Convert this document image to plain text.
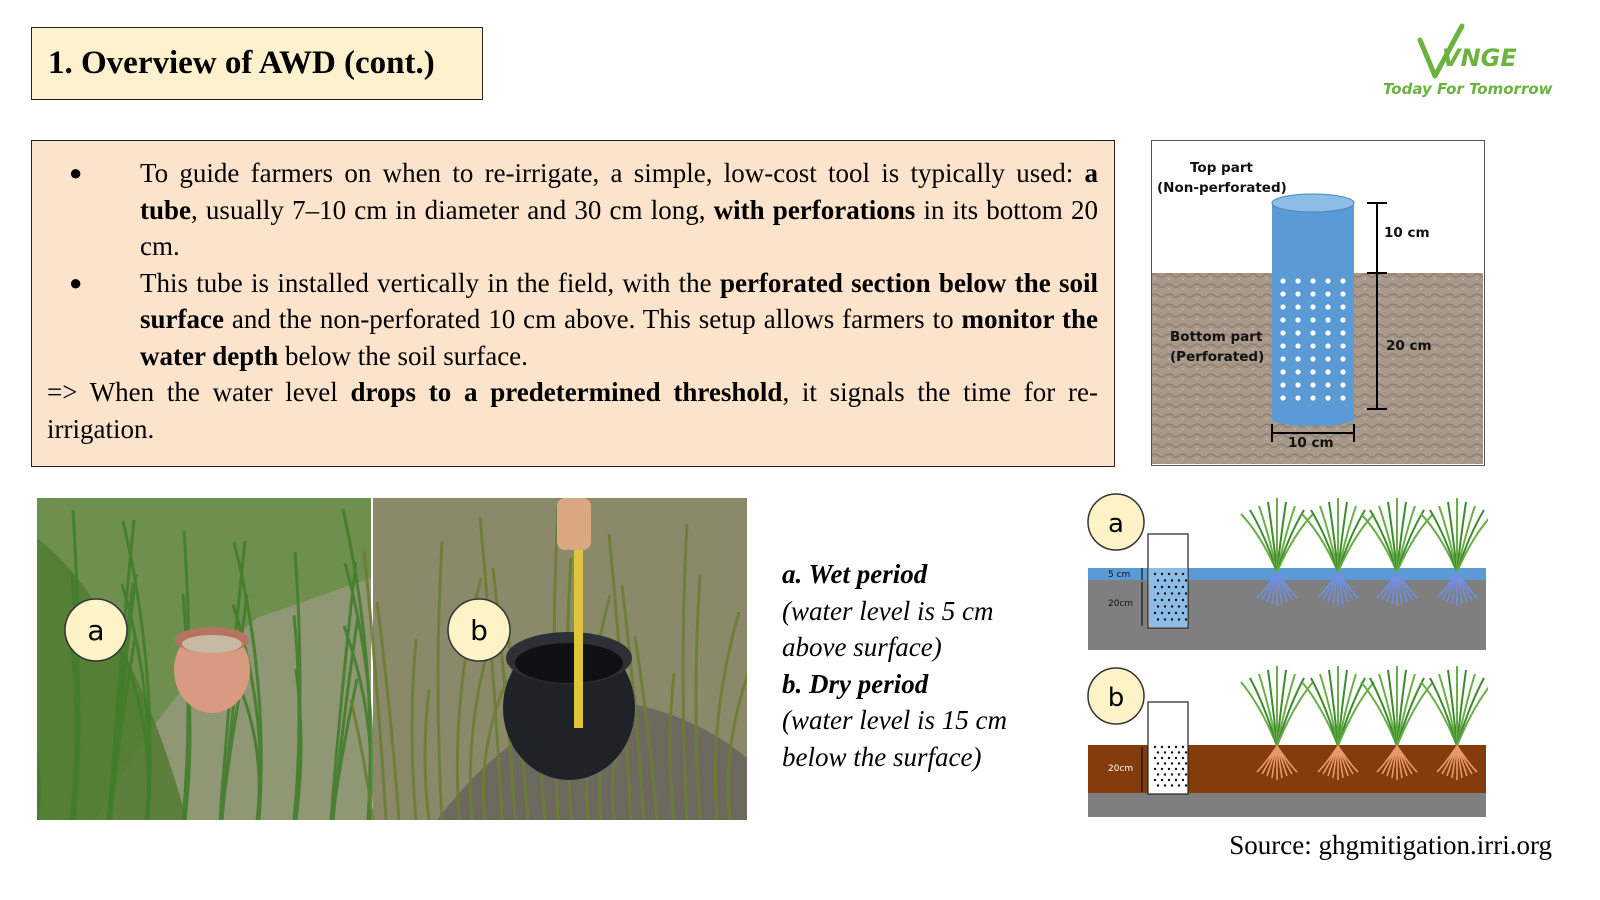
1. Overview of AWD (cont.)	VNGE
Today For Tomorrow
●	To guide farmers on when to re-irrigate, a simple, low-cost tool is typically used: a tube, usually 7–10 cm in diameter and 30 cm long, with perforations in its bottom 20 cm.
●	This tube is installed vertically in the field, with the perforated section below the soil surface and the non-perforated 10 cm above. This setup allows farmers to monitor the water depth below the soil surface.
=> When the water level drops to a predetermined threshold, it signals the time for re-irrigation.
Top part
(Non-perforated)
Bottom part
(Perforated)
10 cm
20 cm
10 cm
a	b
a. Wet period
(water level is 5 cm
above surface)
b. Dry period
(water level is 15 cm
below the surface)
5 cm
20cm
a
20cm
b
Source: ghgmitigation.irri.org
